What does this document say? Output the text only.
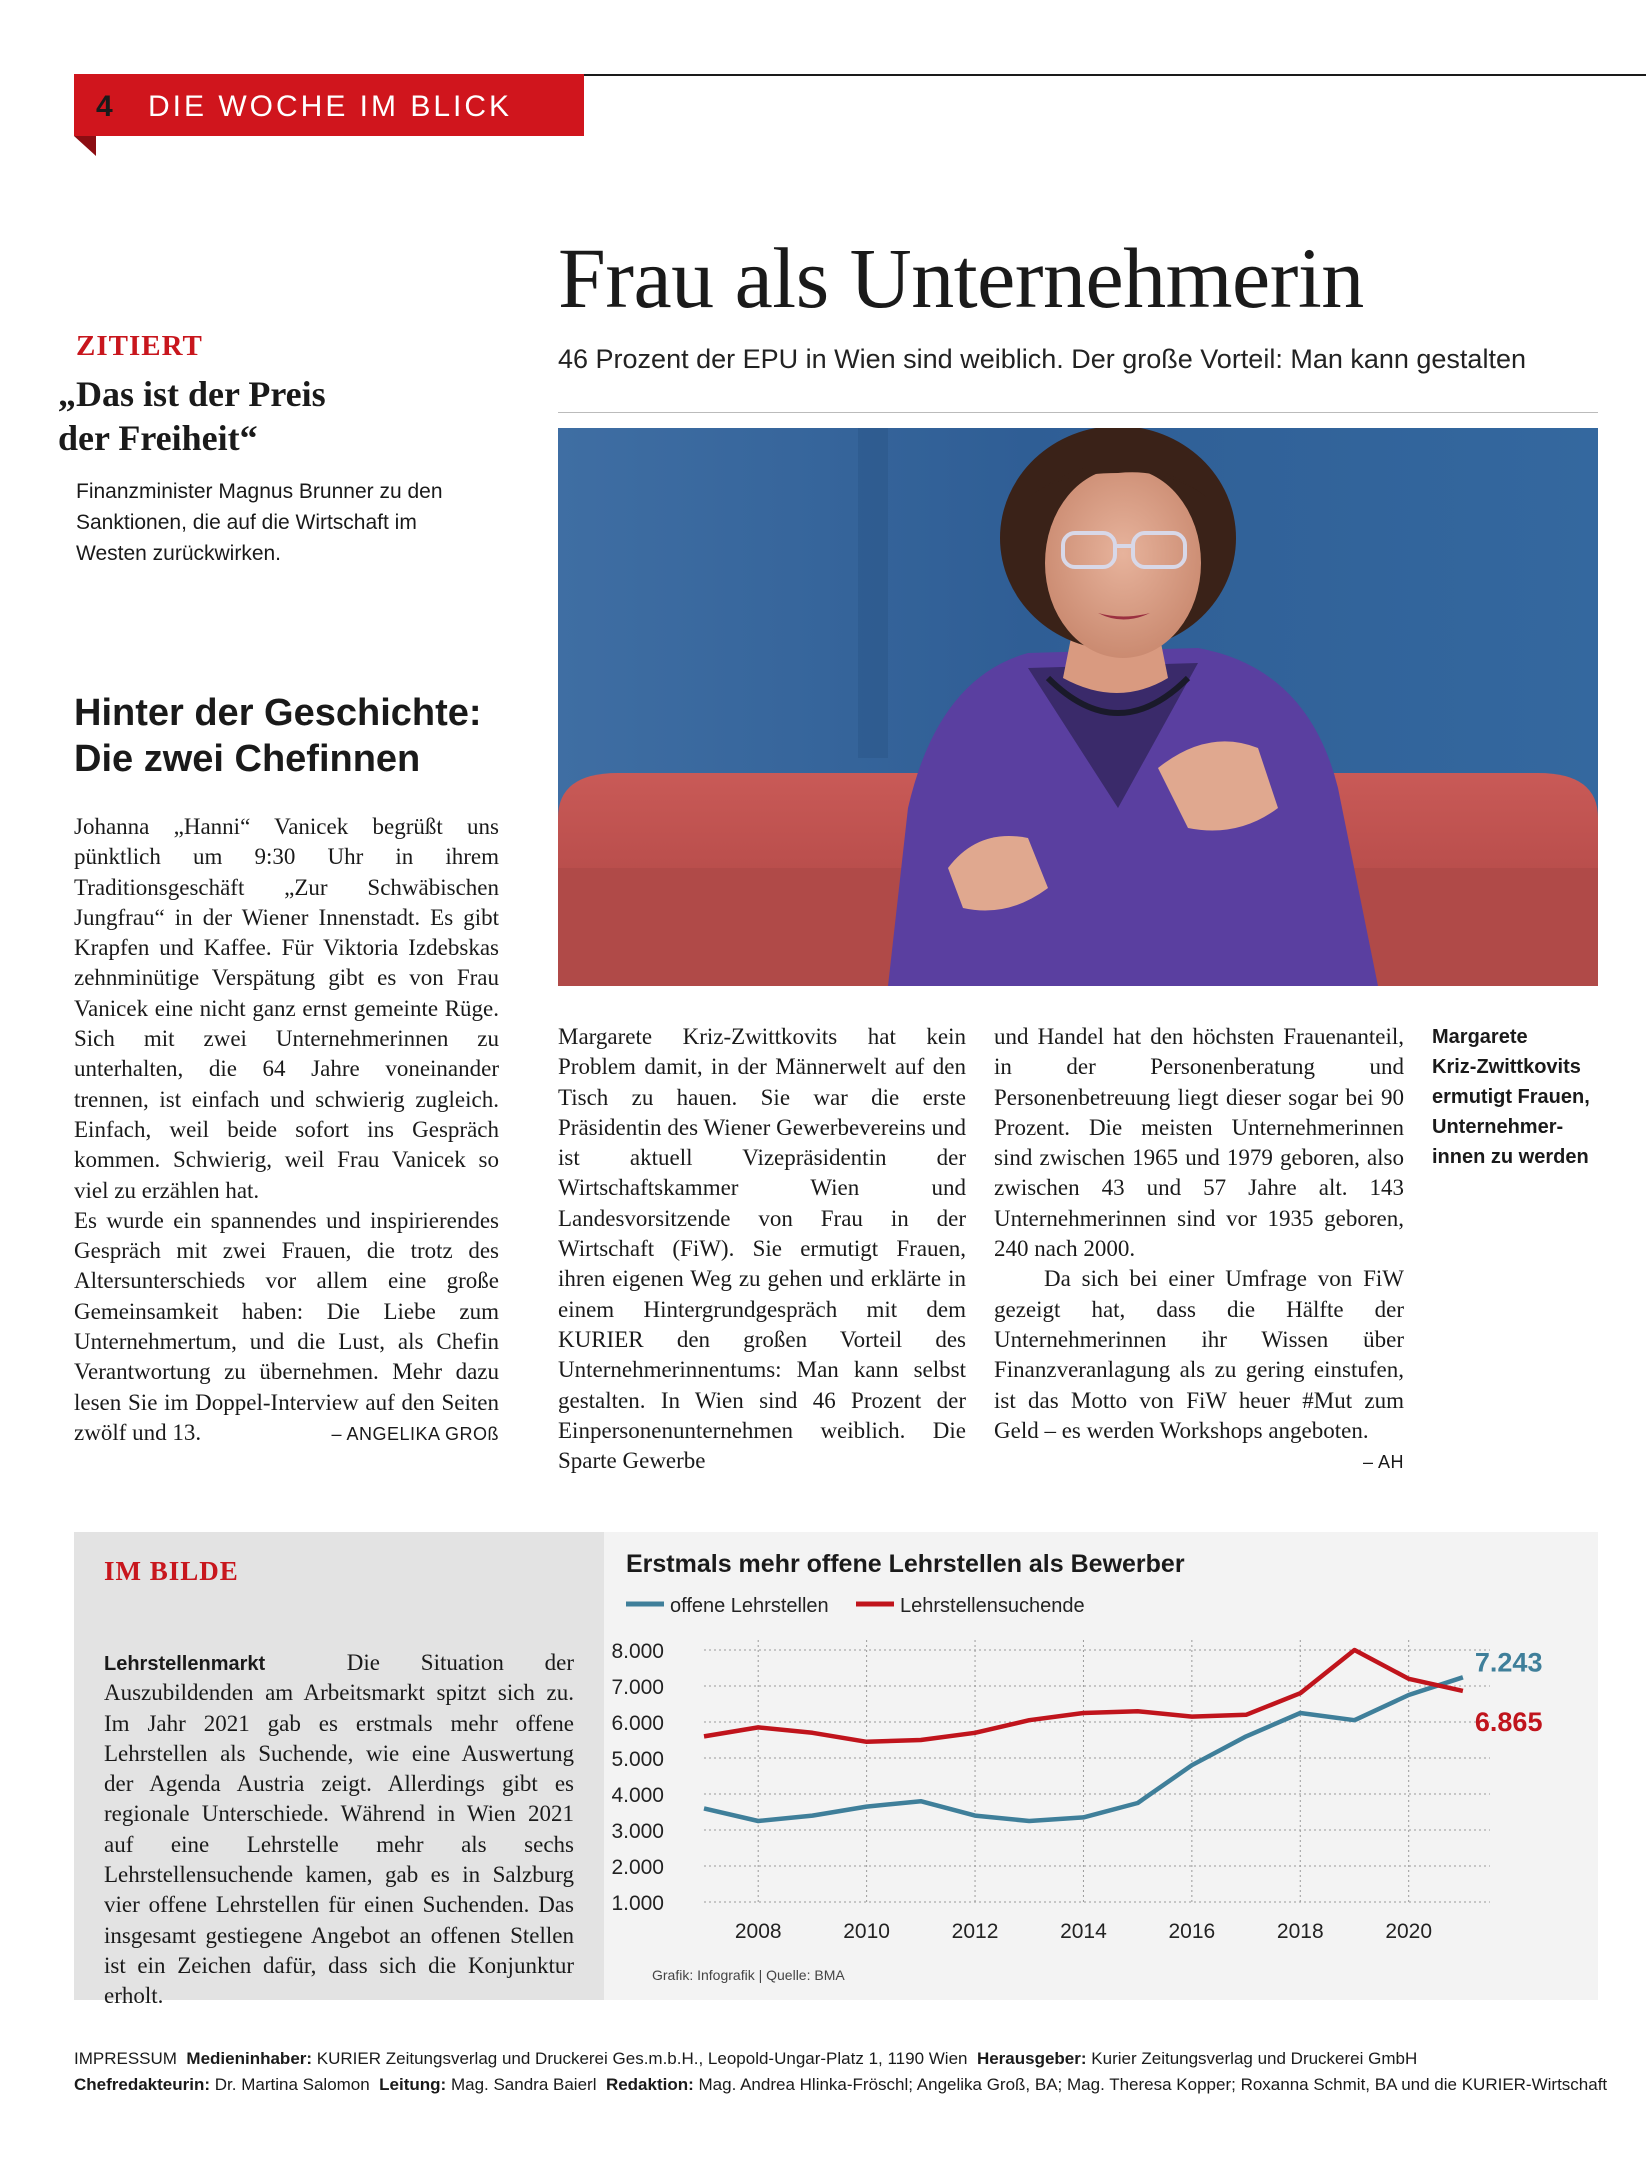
4 DIE WOCHE IM BLICK
ZITIERT
„Das ist der Preis
der Freiheit“
Finanzminister Magnus Brunner zu den
Sanktionen, die auf die Wirtschaft im
Westen zurückwirken.
Hinter der Geschichte:
Die zwei Chefinnen

Johanna „Hanni“ Vanicek begrüßt uns pünktlich um 9:30 Uhr in ihrem Traditionsgeschäft „Zur Schwäbischen Jungfrau“ in der Wiener Innenstadt. Es gibt Krapfen und Kaffee. Für Viktoria Izdebskas zehnminütige Verspätung gibt es von Frau Vanicek eine nicht ganz ernst gemeinte Rüge. Sich mit zwei Unternehmerinnen zu unterhalten, die 64 Jahre voneinander trennen, ist einfach und schwierig zugleich. Einfach, weil beide sofort ins Gespräch kommen. Schwierig, weil Frau Vanicek so viel zu erzählen hat.

Es wurde ein spannendes und inspirierendes Gespräch mit zwei Frauen, die trotz des Altersunterschieds vor allem eine große Gemeinsamkeit haben: Die Liebe zum Unternehmertum, und die Lust, als Chefin Verantwortung zu übernehmen. Mehr dazu lesen Sie im Doppel-Interview auf den Seiten zwölf und 13.	– ANGELIKA GROß

Frau als Unternehmerin
46 Prozent der EPU in Wien sind weiblich. Der große Vorteil: Man kann gestalten

Margarete Kriz-Zwittkovits hat kein Problem damit, in der Männerwelt auf den Tisch zu hauen. Sie war die erste Präsidentin des Wiener Gewerbevereins und ist aktuell Vizepräsidentin der Wirtschaftskammer Wien und Landesvorsitzende von Frau in der Wirtschaft (FiW). Sie ermutigt Frauen, ihren eigenen Weg zu gehen und erklärte in einem Hintergrundgespräch mit dem KURIER den großen Vorteil des Unternehmerinnentums: Man kann selbst gestalten. In Wien sind 46 Prozent der Einpersonenunternehmen weiblich. Die Sparte Gewerbe

und Handel hat den höchsten Frauenanteil, in der Personenberatung und Personenbetreuung liegt dieser sogar bei 90 Prozent. Die meisten Unternehmerinnen sind zwischen 1965 und 1979 geboren, also zwischen 43 und 57 Jahre alt. 143 Unternehmerinnen sind vor 1935 geboren, 240 nach 2000.

Da sich bei einer Umfrage von FiW gezeigt hat, dass die Hälfte der Unternehmerinnen ihr Wissen über Finanzveranlagung als zu gering einstufen, ist das Motto von FiW heuer #Mut zum Geld – es werden Workshops angeboten.
– AH

Margarete
Kriz-Zwittkovits
ermutigt Frauen,
Unternehmer-
innen zu werden
IM BILDE
Lehrstellenmarkt	Die Situation der Auszubildenden am Arbeitsmarkt spitzt sich zu. Im Jahr 2021 gab es erstmals mehr offene Lehrstellen als Suchende, wie eine Auswertung der Agenda Austria zeigt. Allerdings gibt es regionale Unterschiede. Während in Wien 2021 auf eine Lehrstelle mehr als sechs Lehrstellensuchende kamen, gab es in Salzburg vier offene Lehrstellen für einen Suchenden. Das insgesamt gestiegene Angebot an offenen Stellen ist ein Zeichen dafür, dass sich die Konjunktur erholt.
Erstmals mehr offene Lehrstellen als Bewerber
offene Lehrstellen	Lehrstellensuchende
1.000
2.000
3.000
4.000
5.000
6.000
7.000
8.000
2008	2010	2012	2014	2016	2018	2020
7.243
6.865
Grafik: Infografik | Quelle: BMA
IMPRESSUM Medieninhaber: KURIER Zeitungsverlag und Druckerei Ges.m.b.H., Leopold-Ungar-Platz 1, 1190 Wien Herausgeber: Kurier Zeitungsverlag und Druckerei GmbH
Chefredakteurin: Dr. Martina Salomon Leitung: Mag. Sandra Baierl Redaktion: Mag. Andrea Hlinka-Fröschl; Angelika Groß, BA; Mag. Theresa Kopper; Roxanna Schmit, BA und die KURIER-Wirtschaft
